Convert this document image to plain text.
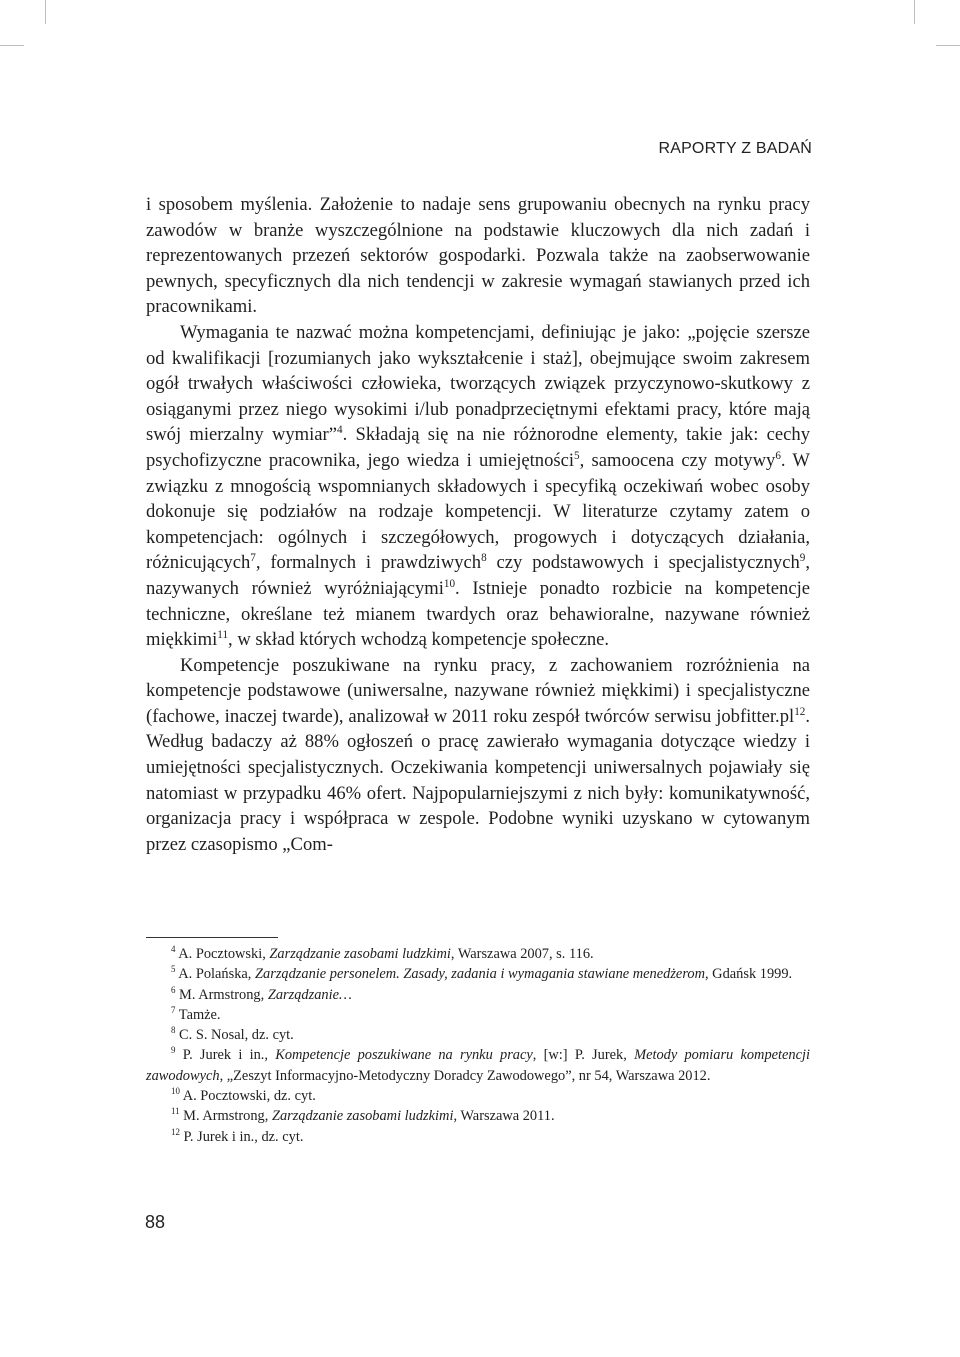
RAPORTY Z BADAŃ

i sposobem myślenia. Założenie to nadaje sens grupowaniu obecnych na rynku pracy zawodów w branże wyszczególnione na podstawie kluczowych dla nich zadań i reprezentowanych przezeń sektorów gospodarki. Pozwala także na zaobserwowanie pewnych, specyficznych dla nich tendencji w zakresie wymagań stawianych przed ich pracownikami.

Wymagania te nazwać można kompetencjami, definiując je jako: „pojęcie szersze od kwalifikacji [rozumianych jako wykształcenie i staż], obejmujące swoim zakresem ogół trwałych właściwości człowieka, tworzących związek przyczynowo-skutkowy z osiąganymi przez niego wysokimi i/lub ponadprzeciętnymi efektami pracy, które mają swój mierzalny wymiar”$^4$. Składają się na nie różnorodne elementy, takie jak: cechy psychofizyczne pracownika, jego wiedza i umiejętności$^5$, samoocena czy motywy$^6$. W związku z mnogością wspomnianych składowych i specyfiką oczekiwań wobec osoby dokonuje się podziałów na rodzaje kompetencji. W literaturze czytamy zatem o kompetencjach: ogólnych i szczegółowych, progowych i dotyczących działania, różnicujących$^7$, formalnych i prawdziwych$^8$ czy podstawowych i specjalistycznych$^9$, nazywanych również wyróżniającymi$^{10}$. Istnieje ponadto rozbicie na kompetencje techniczne, określane też mianem twardych oraz behawioralne, nazywane również miękkimi$^{11}$, w skład których wchodzą kompetencje społeczne.

Kompetencje poszukiwane na rynku pracy, z zachowaniem rozróżnienia na kompetencje podstawowe (uniwersalne, nazywane również miękkimi) i specjalistyczne (fachowe, inaczej twarde), analizował w 2011 roku zespół twórców serwisu $jobfitter.pl^{12}$. Według badaczy aż 88% ogłoszeń o pracę zawierało wymagania dotyczące wiedzy i umiejętności specjalistycznych. Oczekiwania kompetencji uniwersalnych pojawiały się natomiast w przypadku 46% ofert. Najpopularniejszymi z nich były: komunikatywność, organizacja pracy i współpraca w zespole. Podobne wyniki uzyskano w cytowanym przez czasopismo „Com-

$^4$ A. Pocztowski, Zarządzanie zasobami ludzkimi, Warszawa 2007, s. 116.

$^5$ A. Polańska, Zarządzanie personelem. Zasady, zadania i wymagania stawiane menedżerom, Gdańsk 1999.

$^6$ M. Armstrong, Zarządzanie…

$^7$ Tamże.

$^8$ C. S. Nosal, dz. cyt.

$^9$ P. Jurek i in., Kompetencje poszukiwane na rynku pracy, [w:] P. Jurek, Metody pomiaru kompetencji zawodowych, „Zeszyt Informacyjno-Metodyczny Doradcy Zawodowego”, nr 54, Warszawa 2012.

$^{10}$ A. Pocztowski, dz. cyt.

$^{11}$ M. Armstrong, Zarządzanie zasobami ludzkimi, Warszawa 2011.

$^{12}$ P. Jurek i in., dz. cyt.

88
